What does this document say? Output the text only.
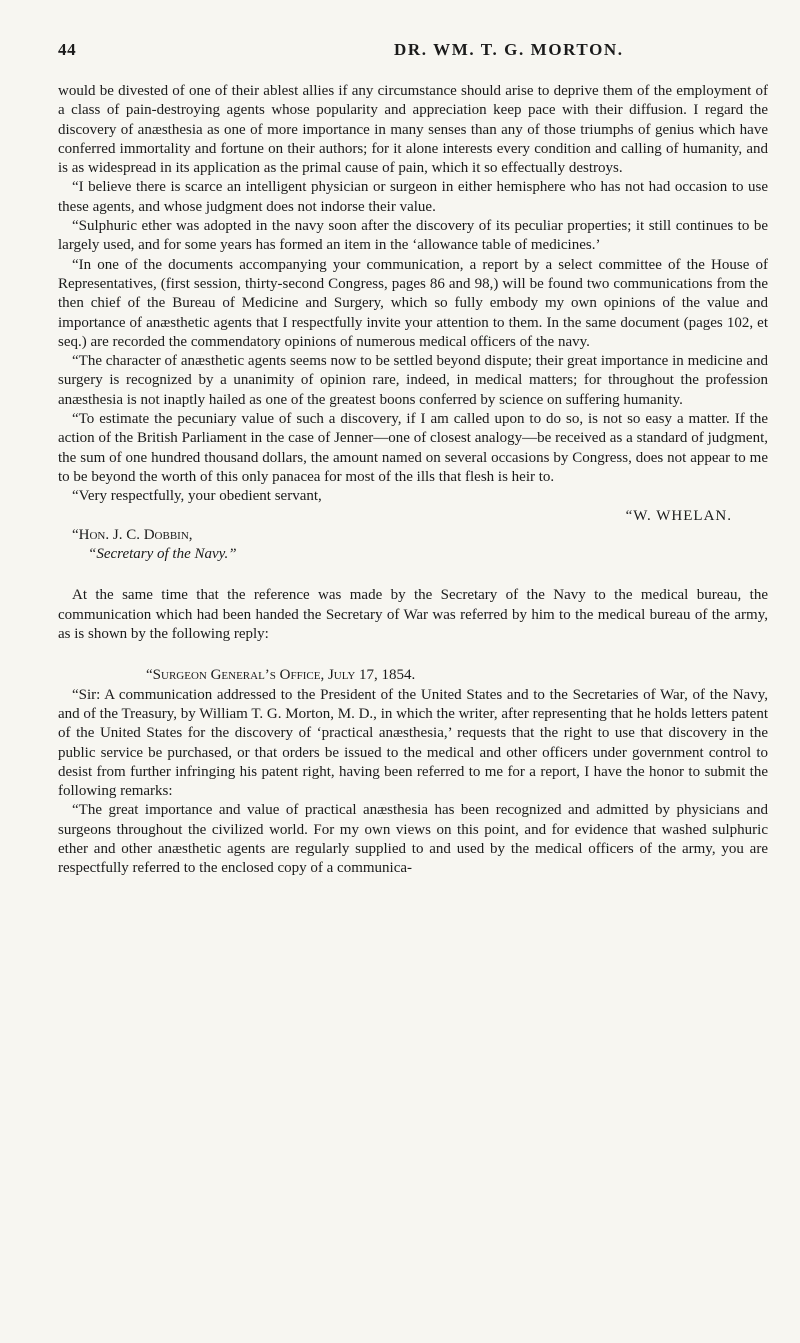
44	DR. WM. T. G. MORTON.

would be divested of one of their ablest allies if any circumstance should arise to deprive them of the employment of a class of pain-destroying agents whose popularity and appreciation keep pace with their diffusion. I regard the discovery of anæsthesia as one of more importance in many senses than any of those triumphs of genius which have conferred immortality and fortune on their authors; for it alone interests every condition and calling of humanity, and is as widespread in its application as the primal cause of pain, which it so effectually destroys.

“I believe there is scarce an intelligent physician or surgeon in either hemisphere who has not had occasion to use these agents, and whose judgment does not indorse their value.

“Sulphuric ether was adopted in the navy soon after the discovery of its peculiar properties; it still continues to be largely used, and for some years has formed an item in the ‘allowance table of medicines.’

“In one of the documents accompanying your communication, a report by a select committee of the House of Representatives, (first session, thirty-second Congress, pages 86 and 98,) will be found two communications from the then chief of the Bureau of Medicine and Surgery, which so fully embody my own opinions of the value and importance of anæsthetic agents that I respectfully invite your attention to them. In the same document (pages 102, et seq.) are recorded the commendatory opinions of numerous medical officers of the navy.

“The character of anæsthetic agents seems now to be settled beyond dispute; their great importance in medicine and surgery is recognized by a unanimity of opinion rare, indeed, in medical matters; for throughout the profession anæsthesia is not inaptly hailed as one of the greatest boons conferred by science on suffering humanity.

“To estimate the pecuniary value of such a discovery, if I am called upon to do so, is not so easy a matter. If the action of the British Parliament in the case of Jenner—one of closest analogy—be received as a standard of judgment, the sum of one hundred thousand dollars, the amount named on several occasions by Congress, does not appear to me to be beyond the worth of this only panacea for most of the ills that flesh is heir to.

“Very respectfully, your obedient servant,

“W. WHELAN.

“Hon. J. C. Dobbin,

“Secretary of the Navy.”

At the same time that the reference was made by the Secretary of the Navy to the medical bureau, the communication which had been handed the Secretary of War was referred by him to the medical bureau of the army, as is shown by the following reply:

“Surgeon General’s Office, July 17, 1854.

“Sir: A communication addressed to the President of the United States and to the Secretaries of War, of the Navy, and of the Treasury, by William T. G. Morton, M. D., in which the writer, after representing that he holds letters patent of the United States for the discovery of ‘practical anæsthesia,’ requests that the right to use that discovery in the public service be purchased, or that orders be issued to the medical and other officers under government control to desist from further infringing his patent right, having been referred to me for a report, I have the honor to submit the following remarks:

“The great importance and value of practical anæsthesia has been recognized and admitted by physicians and surgeons throughout the civilized world. For my own views on this point, and for evidence that washed sulphuric ether and other anæsthetic agents are regularly supplied to and used by the medical officers of the army, you are respectfully referred to the enclosed copy of a communica-
